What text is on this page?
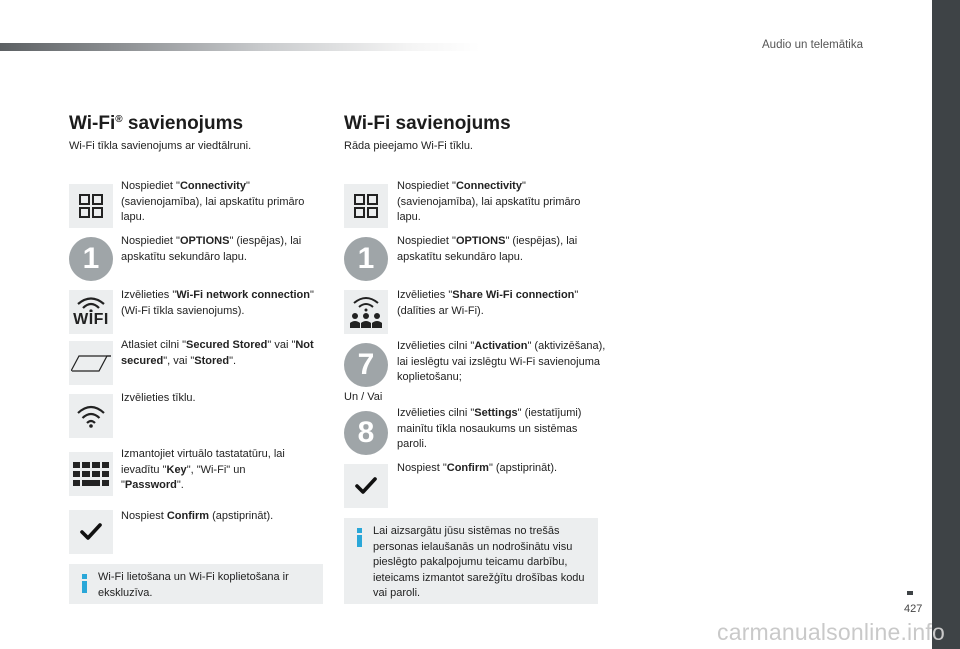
Audio un telemātika
Wi-Fi® savienojums
Wi-Fi tīkla savienojums ar viedtālruni.
Nospiediet "Connectivity" (savienojamība), lai apskatītu primāro lapu.
1
Nospiediet "OPTIONS" (iespējas), lai apskatītu sekundāro lapu.
WIFI
Izvēlieties "Wi-Fi network connection" (Wi-Fi tīkla savienojums).
Atlasiet cilni "Secured Stored" vai "Not secured", vai "Stored".
Izvēlieties tīklu.
Izmantojiet virtuālo tastatatūru, lai ievadītu "Key", "Wi-Fi" un "Password".
Nospiest Confirm (apstiprināt).
Wi-Fi lietošana un Wi-Fi koplietošana ir ekskluzīva.
Wi-Fi savienojums
Rāda pieejamo Wi-Fi tīklu.
Nospiediet "Connectivity" (savienojamība), lai apskatītu primāro lapu.
1
Nospiediet "OPTIONS" (iespējas), lai apskatītu sekundāro lapu.
Izvēlieties "Share Wi-Fi connection" (dalīties ar Wi-Fi).
7
Izvēlieties cilni "Activation" (aktivizēšana), lai ieslēgtu vai izslēgtu Wi-Fi savienojuma koplietošanu;
Un / Vai
8
Izvēlieties cilni "Settings" (iestatījumi) mainītu tīkla nosaukums un sistēmas paroli.
Nospiest "Confirm" (apstiprināt).
Lai aizsargātu jūsu sistēmas no trešās personas ielaušanās un nodrošinātu visu pieslēgto pakalpojumu teicamu darbību, ieteicams izmantot sarežģītu drošības kodu vai paroli.
427
carmanualsonline.info
